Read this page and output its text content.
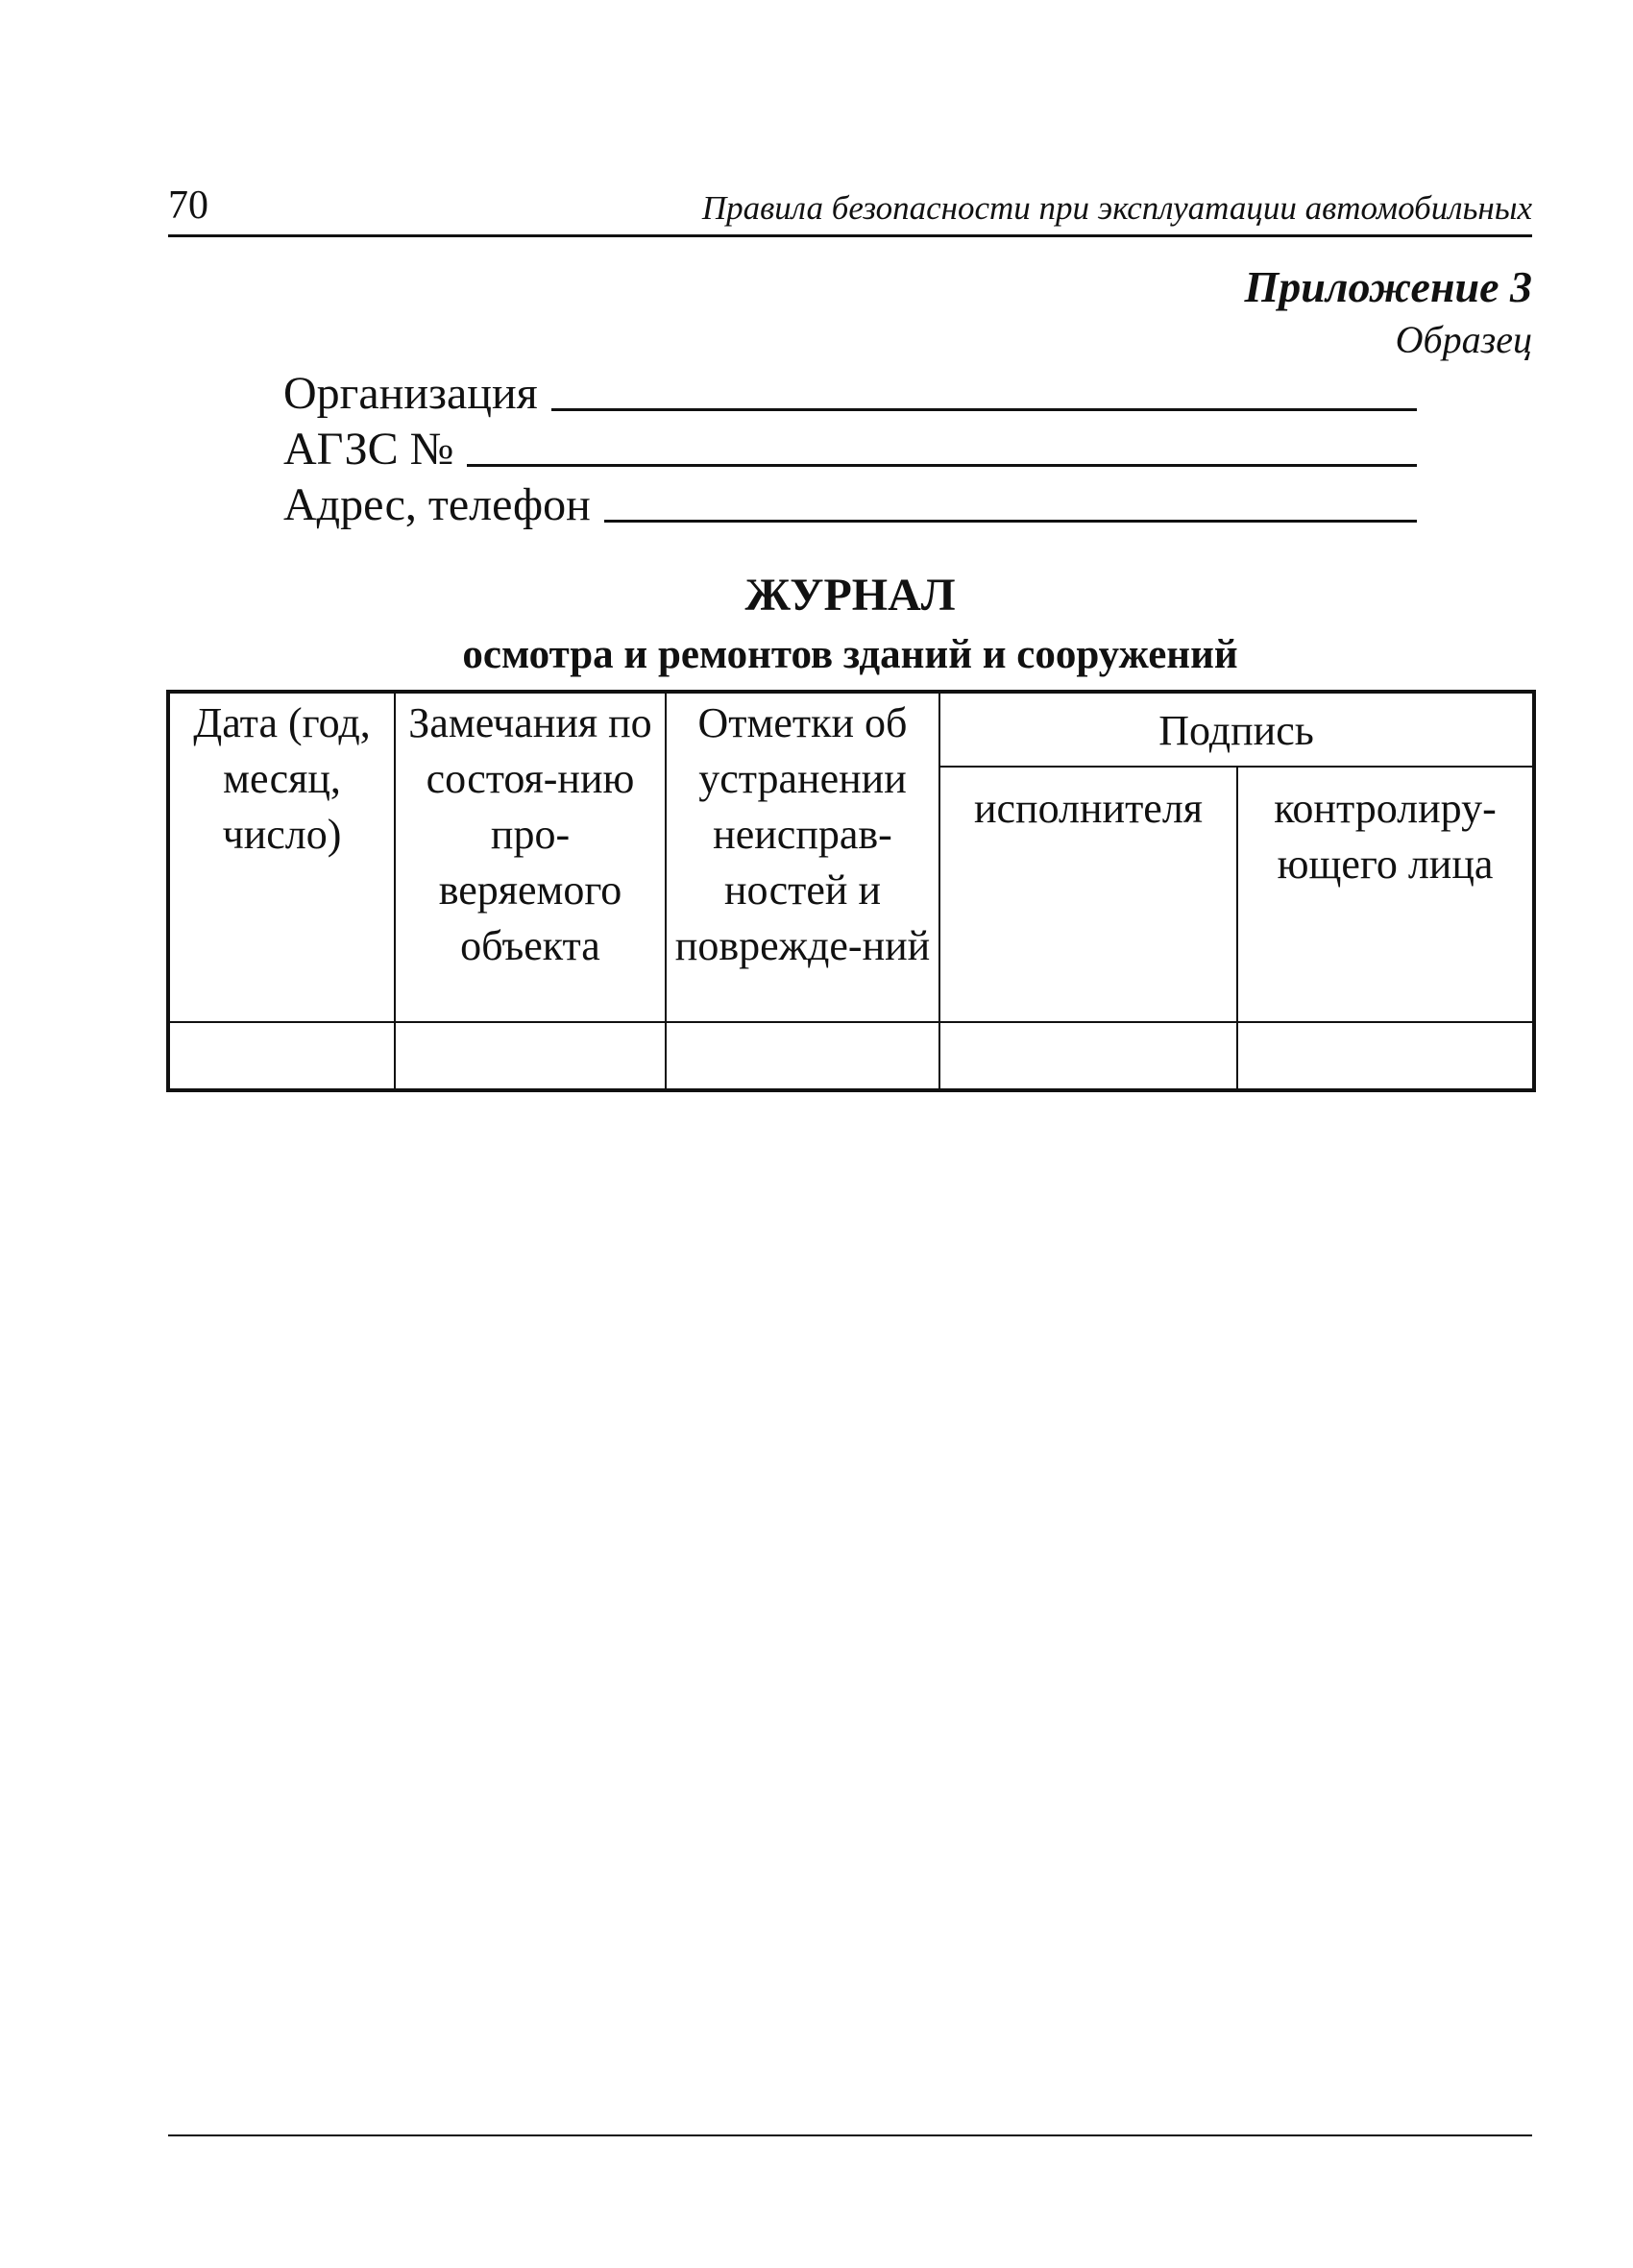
70	Правила безопасности при эксплуатации автомобильных
Приложение 3
Образец
Организация
АГЗС №
Адрес, телефон
ЖУРНАЛ
осмотра и ремонтов зданий и сооружений
Дата (год, месяц, число)	Замечания по состоя-нию про-веряемого объекта	Отметки об устранении неисправ-ностей и поврежде-ний	Подпись	
			исполнителя	контролиру-ющего лица
